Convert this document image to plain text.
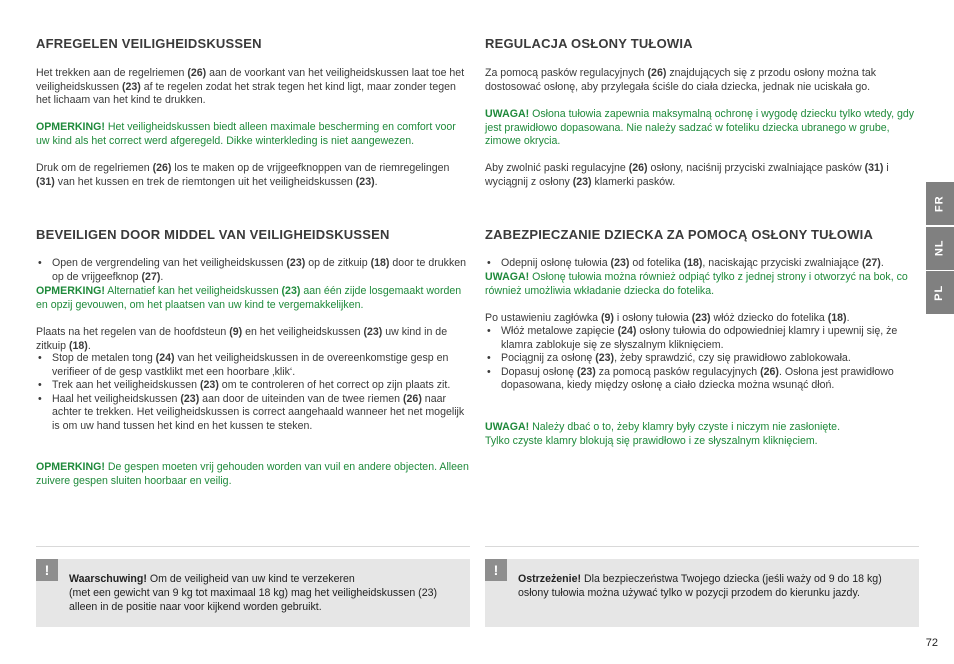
AFREGELEN VEILIGHEIDSKUSSEN

Het trekken aan de regelriemen (26) aan de voorkant van het veiligheidskussen laat toe het veiligheidskussen (23) af te regelen zodat het strak tegen het kind ligt, maar zonder tegen het lichaam van het kind te drukken.

OPMERKING! Het veiligheidskussen biedt alleen maximale bescherming en comfort voor uw kind als het correct werd afgeregeld. Dikke winterkleding is niet aangewezen.

Druk om de regelriemen (26) los te maken op de vrijgeefknoppen van de riemregelingen (31) van het kussen en trek de riemtongen uit het veiligheidskussen (23).

BEVEILIGEN DOOR MIDDEL VAN VEILIGHEIDSKUSSEN
• Open de vergrendeling van het veiligheidskussen (23) op de zitkuip (18) door te drukken op de vrijgeefknop (27).

OPMERKING! Alternatief kan het veiligheidskussen (23) aan één zijde losgemaakt worden en opzij gevouwen, om het plaatsen van uw kind te vergemakkelijken.

Plaats na het regelen van de hoofdsteun (9) en het veiligheidskussen (23) uw kind in de zitkuip (18).

• Stop de metalen tong (24) van het veiligheidskussen in de overeenkomstige gesp en verifieer of de gesp vastklikt met een hoorbare ‚klik‘.
• Trek aan het veiligheidskussen (23) om te controleren of het correct op zijn plaats zit.
• Haal het veiligheidskussen (23) aan door de uiteinden van de twee riemen (26) naar achter te trekken. Het veiligheidskussen is correct aangehaald wanneer het net mogelijk is om uw hand tussen het kind en het kussen te steken.

OPMERKING! De gespen moeten vrij gehouden worden van vuil en andere objecten. Alleen zuivere gespen sluiten hoorbaar en veilig.

REGULACJA OSŁONY TUŁOWIA

Za pomocą pasków regulacyjnych (26) znajdujących się z przodu osłony można tak dostosować osłonę, aby przylegała ściśle do ciała dziecka, jednak nie uciskała go.

UWAGA! Osłona tułowia zapewnia maksymalną ochronę i wygodę dziecku tylko wtedy, gdy jest prawidłowo dopasowana. Nie należy sadzać w foteliku dziecka ubranego w grube, zimowe okrycia.

Aby zwolnić paski regulacyjne (26) osłony, naciśnij przyciski zwalniające pasków (31) i wyciągnij z osłony (23) klamerki pasków.

ZABEZPIECZANIE DZIECKA ZA POMOCĄ OSŁONY TUŁOWIA
• Odepnij osłonę tułowia (23) od fotelika (18), naciskając przyciski zwalniające (27).

UWAGA! Osłonę tułowia można również odpiąć tylko z jednej strony i otworzyć na bok, co również umożliwia wkładanie dziecka do fotelika.

Po ustawieniu zagłówka (9) i osłony tułowia (23) włóż dziecko do fotelika (18).

• Włóż metalowe zapięcie (24) osłony tułowia do odpowiedniej klamry i upewnij się, że klamra zablokuje się ze słyszalnym kliknięciem.
• Pociągnij za osłonę (23), żeby sprawdzić, czy się prawidłowo zablokowała.
• Dopasuj osłonę (23) za pomocą pasków regulacyjnych (26). Osłona jest prawidłowo dopasowana, kiedy między osłonę a ciało dziecka można wsunąć dłoń.

UWAGA! Należy dbać o to, żeby klamry były czyste i niczym nie zasłonięte.
Tylko czyste klamry blokują się prawidłowo i ze słyszalnym kliknięciem.

!
Waarschuwing! Om de veiligheid van uw kind te verzekeren
(met een gewicht van 9 kg tot maximaal 18 kg) mag het veiligheidskussen (23) alleen in de positie naar voor kijkend worden gebruikt.
!
Ostrzeżenie! Dla bezpieczeństwa Twojego dziecka (jeśli waży od 9 do 18 kg) osłony tułowia można używać tylko w pozycji przodem do kierunku jazdy.
FR
NL
PL
72
